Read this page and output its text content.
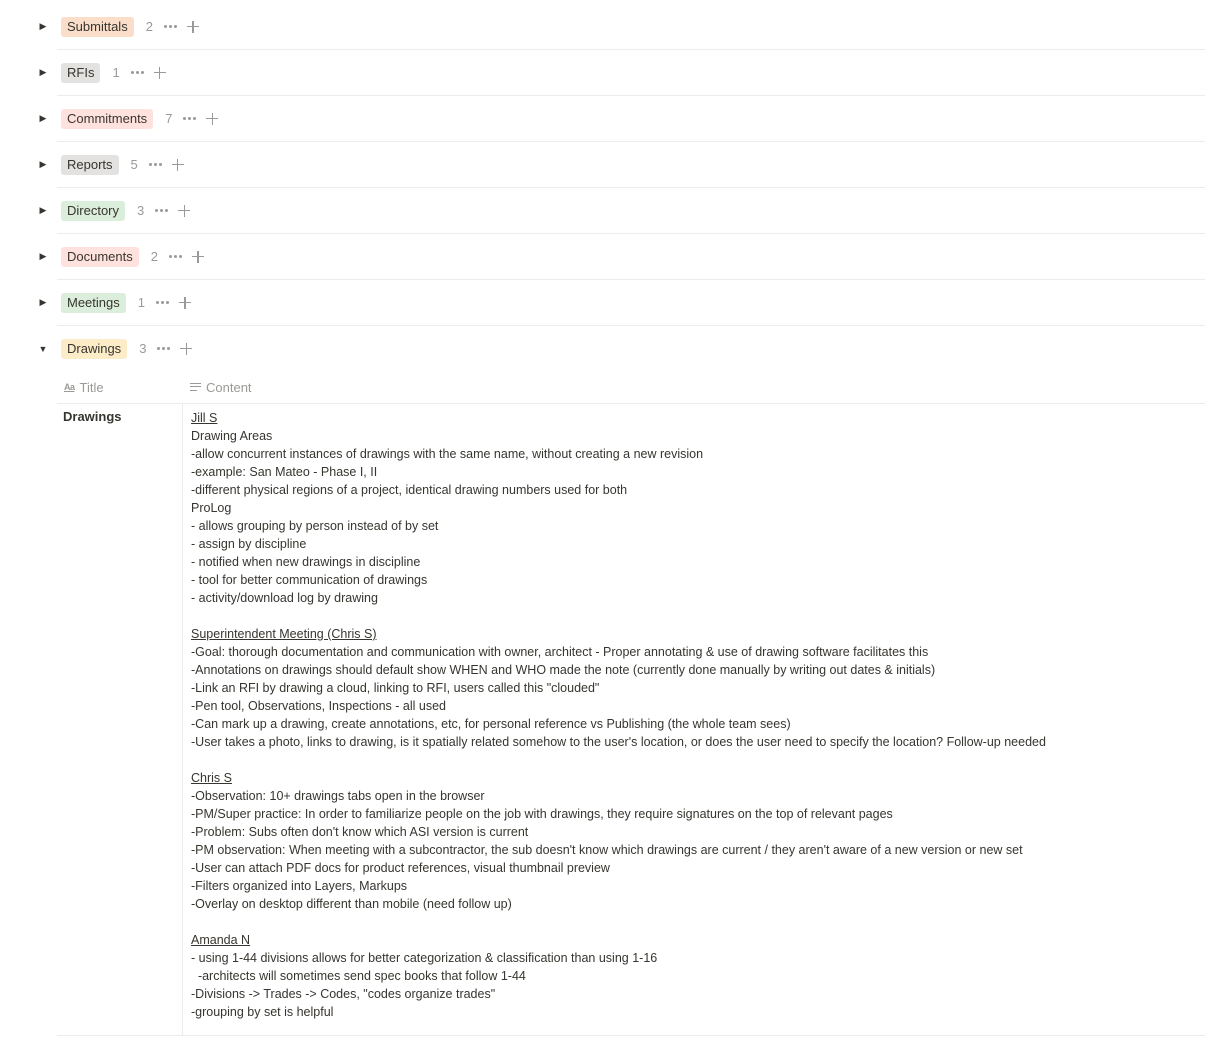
▶	Submittals	2
▶	RFIs	1
▶	Commitments	7
▶	Reports	5
▶	Directory	3
▶	Documents	2
▶	Meetings	1
▼	Drawings	3
Aa Title	Content
Drawings	Jill S
Drawing Areas
-allow concurrent instances of drawings with the same name, without creating a new revision
-example: San Mateo - Phase I, II
-different physical regions of a project, identical drawing numbers used for both
ProLog
- allows grouping by person instead of by set
- assign by discipline
- notified when new drawings in discipline
- tool for better communication of drawings
- activity/download log by drawing
Superintendent Meeting (Chris S)
-Goal: thorough documentation and communication with owner, architect - Proper annotating & use of drawing software facilitates this
-Annotations on drawings should default show WHEN and WHO made the note (currently done manually by writing out dates & initials)
-Link an RFI by drawing a cloud, linking to RFI, users called this "clouded"
-Pen tool, Observations, Inspections - all used
-Can mark up a drawing, create annotations, etc, for personal reference vs Publishing (the whole team sees)
-User takes a photo, links to drawing, is it spatially related somehow to the user's location, or does the user need to specify the location? Follow-up needed
Chris S
-Observation: 10+ drawings tabs open in the browser
-PM/Super practice: In order to familiarize people on the job with drawings, they require signatures on the top of relevant pages
-Problem: Subs often don't know which ASI version is current
-PM observation: When meeting with a subcontractor, the sub doesn't know which drawings are current / they aren't aware of a new version or new set
-User can attach PDF docs for product references, visual thumbnail preview
-Filters organized into Layers, Markups
-Overlay on desktop different than mobile (need follow up)
Amanda N
- using 1-44 divisions allows for better categorization & classification than using 1-16
-architects will sometimes send spec books that follow 1-44
-Divisions -> Trades -> Codes, "codes organize trades"
-grouping by set is helpful
